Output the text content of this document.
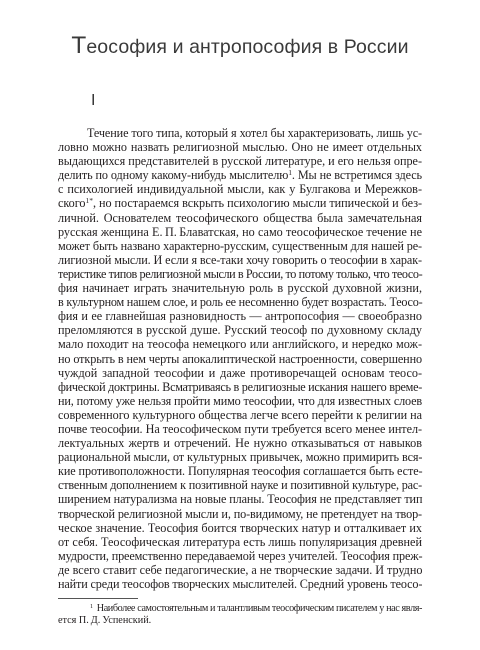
Теософия и антропософия в России
I
Течение того типа, который я хотел бы характеризовать, лишь ус-
ловно можно назвать религиозной мыслью. Оно не имеет отдельных
выдающихся представителей в русской литературе, и его нельзя опре-
делить по одному какому-нибудь мыслителю$^1$. Мы не встретимся здесь
с психологией индивидуальной мысли, как у Булгакова и Мережков-
ского$^{1*}$, но постараемся вскрыть психологию мысли типической и без-
личной. Основателем теософического общества была замечательная
русская женщина Е. П. Блаватская, но само теософическое течение не
может быть названо характерно-русским, существенным для нашей ре-
лигиозной мысли. И если я все-таки хочу говорить о теософии в харак-
теристике типов религиозной мысли в России, то потому только, что теосо-
фия начинает играть значительную роль в русской духовной жизни,
в культурном нашем слое, и роль ее несомненно будет возрастать. Теосо-
фия и ее главнейшая разновидность — антропософия — своеобразно
преломляются в русской душе. Русский теософ по духовному складу
мало походит на теософа немецкого или английского, и нередко мож-
но открыть в нем черты апокалиптической настроенности, совершенно
чуждой западной теософии и даже противоречащей основам теосо-
фической доктрины. Всматриваясь в религиозные искания нашего време-
ни, потому уже нельзя пройти мимо теософии, что для известных слоев
современного культурного общества легче всего перейти к религии на
почве теософии. На теософическом пути требуется всего менее интел-
лектуальных жертв и отречений. Не нужно отказываться от навыков
рациональной мысли, от культурных привычек, можно примирить вся-
кие противоположности. Популярная теософия соглашается быть есте-
ственным дополнением к позитивной науке и позитивной культуре, рас-
ширением натурализма на новые планы. Теософия не представляет тип
творческой религиозной мысли и, по-видимому, не претендует на твор-
ческое значение. Теософия боится творческих натур и отталкивает их
от себя. Теософическая литература есть лишь популяризация древней
мудрости, преемственно передаваемой через учителей. Теософия преж-
де всего ставит себе педагогические, а не творческие задачи. И трудно
найти среди теософов творческих мыслителей. Средний уровень теосо-
$^1$ Наиболее самостоятельным и талантливым теософическим писателем у нас явля-
ется П. Д. Успенский.
